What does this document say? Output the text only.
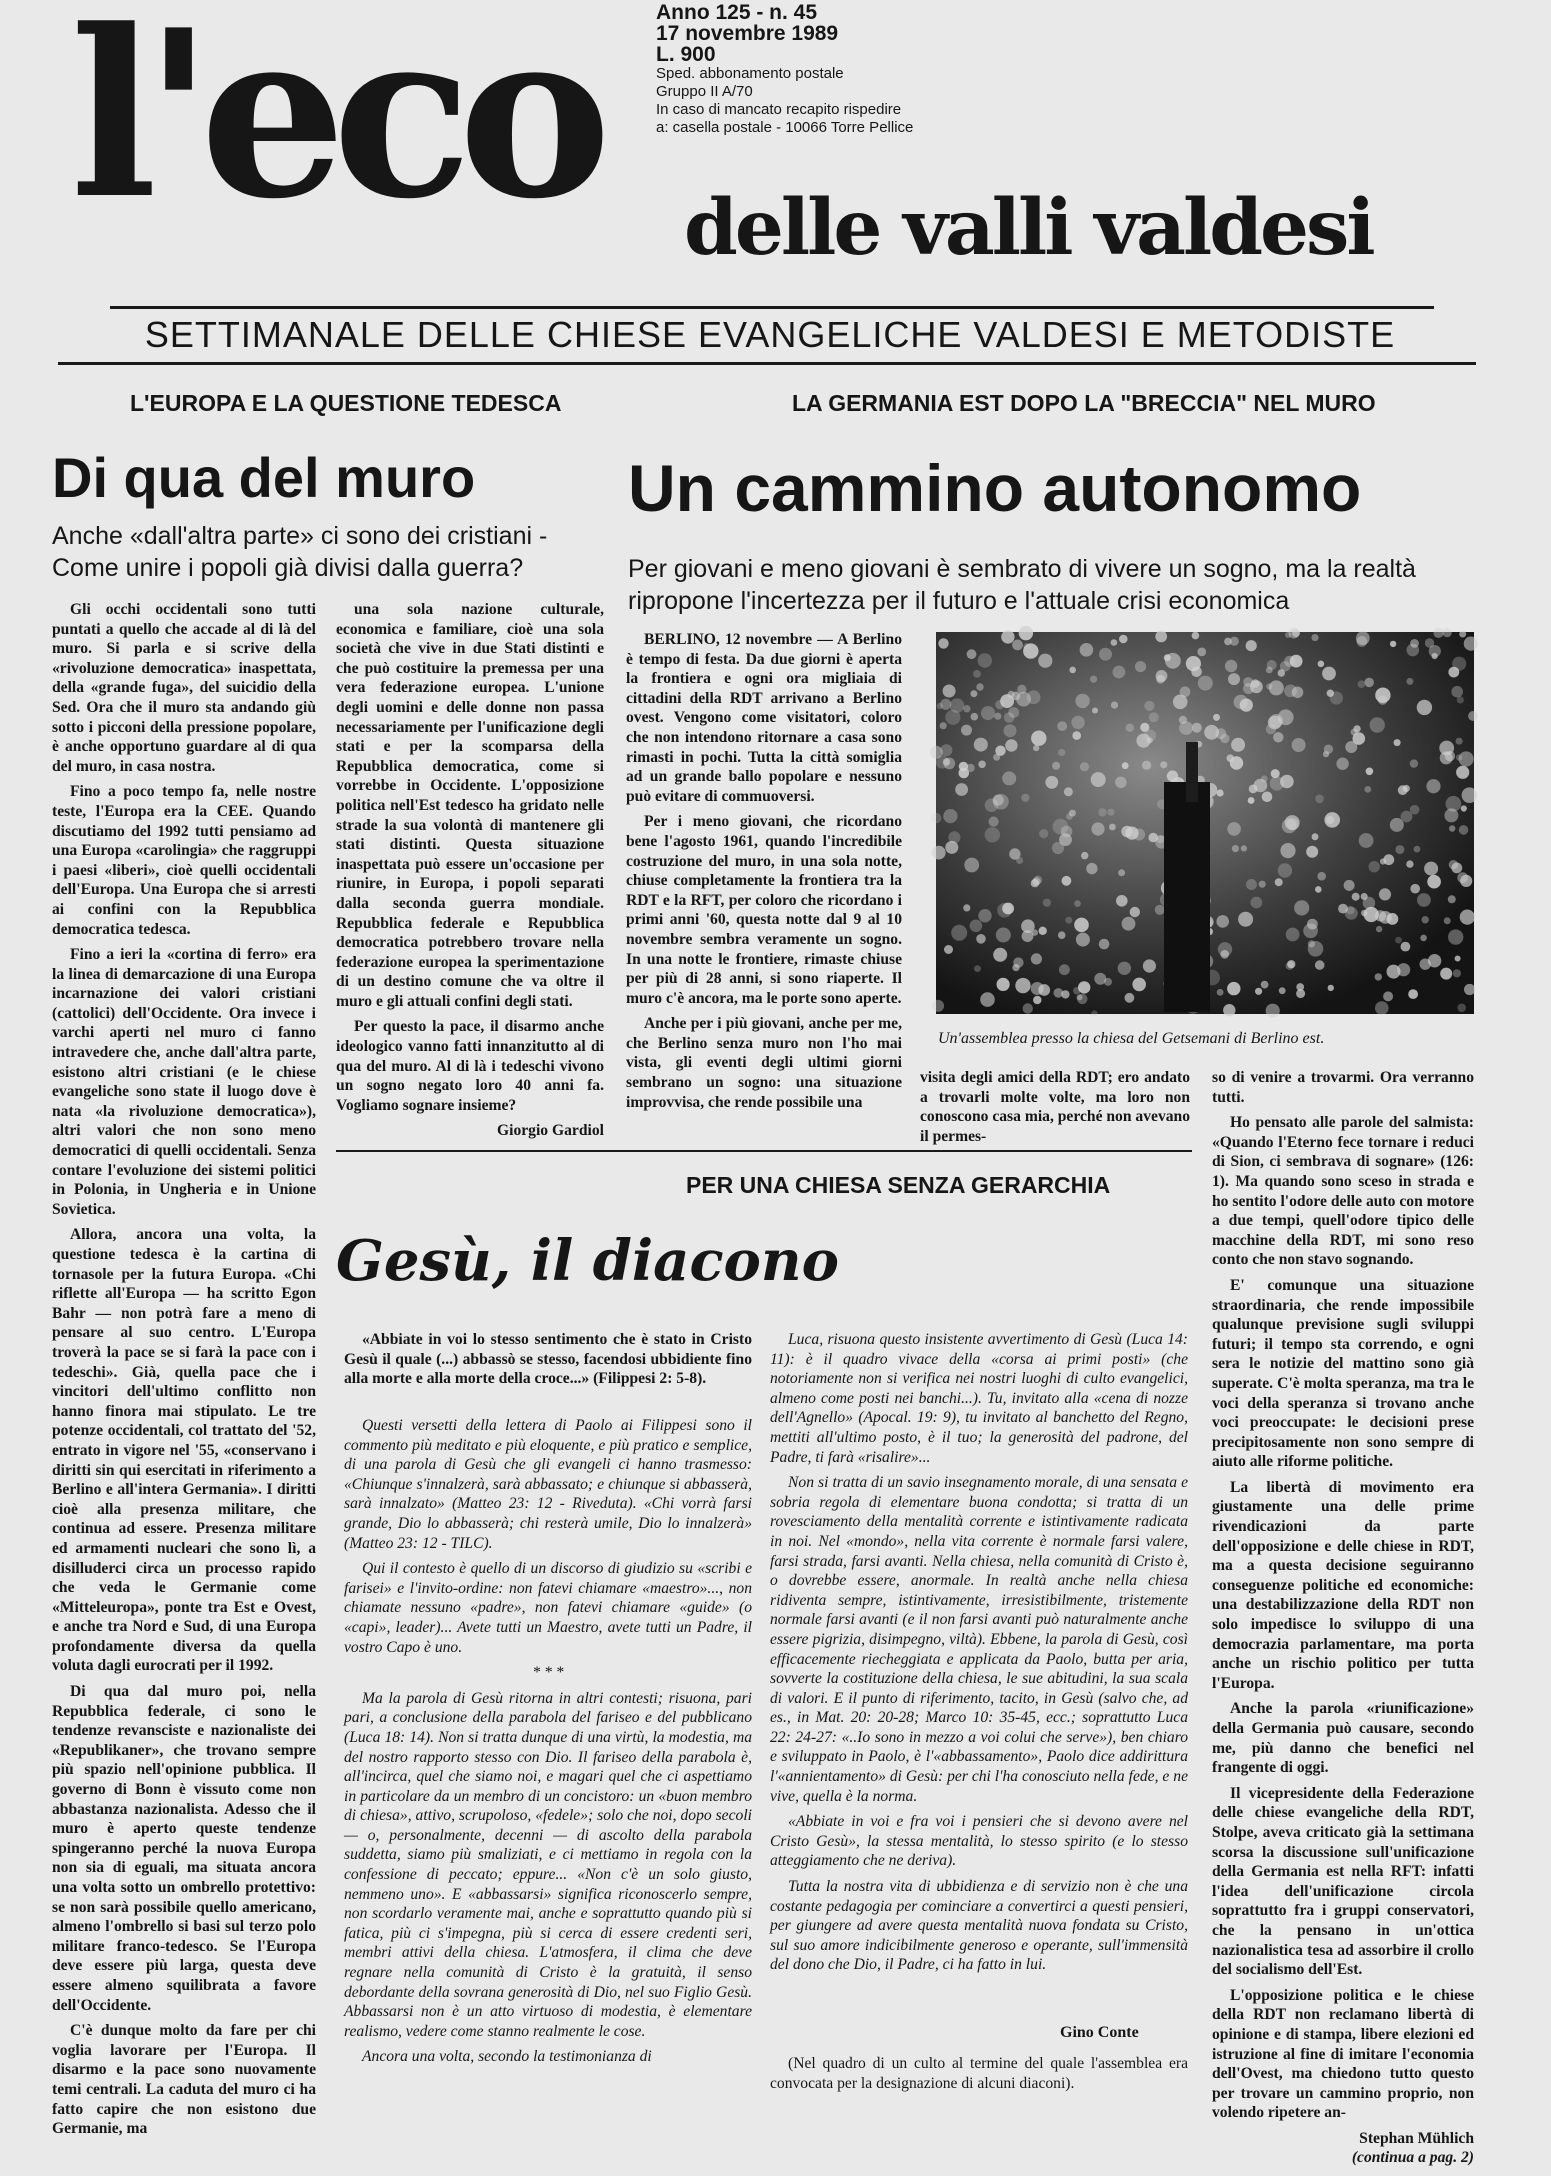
l'eco	Anno 125 - n. 45
17 novembre 1989
L. 900
Sped. abbonamento postale
Gruppo II A/70
In caso di mancato recapito rispedire
a: casella postale - 10066 Torre Pellice
delle valli valdesi
SETTIMANALE DELLE CHIESE EVANGELICHE VALDESI E METODISTE
L'EUROPA E LA QUESTIONE TEDESCA
Di qua del muro
Anche «dall'altra parte» ci sono dei cristiani - Come unire i popoli già divisi dalla guerra?
LA GERMANIA EST DOPO LA "BRECCIA" NEL MURO
Un cammino autonomo
Per giovani e meno giovani è sembrato di vivere un sogno, ma la realtà ripropone l'incertezza per il futuro e l'attuale crisi economica

Gli occhi occidentali sono tutti puntati a quello che accade al di là del muro. Si parla e si scrive della «rivoluzione democratica» inaspettata, della «grande fuga», del suicidio della Sed. Ora che il muro sta andando giù sotto i picconi della pressione popolare, è anche opportuno guardare al di qua del muro, in casa nostra.

Fino a poco tempo fa, nelle nostre teste, l'Europa era la CEE. Quando discutiamo del 1992 tutti pensiamo ad una Europa «carolingia» che raggruppi i paesi «liberi», cioè quelli occidentali dell'Europa. Una Europa che si arresti ai confini con la Repubblica democratica tedesca.

Fino a ieri la «cortina di ferro» era la linea di demarcazione di una Europa incarnazione dei valori cristiani (cattolici) dell'Occidente. Ora invece i varchi aperti nel muro ci fanno intravedere che, anche dall'altra parte, esistono altri cristiani (e le chiese evangeliche sono state il luogo dove è nata «la rivoluzione democratica»), altri valori che non sono meno democratici di quelli occidentali. Senza contare l'evoluzione dei sistemi politici in Polonia, in Ungheria e in Unione Sovietica.

Allora, ancora una volta, la questione tedesca è la cartina di tornasole per la futura Europa. «Chi riflette all'Europa — ha scritto Egon Bahr — non potrà fare a meno di pensare al suo centro. L'Europa troverà la pace se si farà la pace con i tedeschi». Già, quella pace che i vincitori dell'ultimo conflitto non hanno finora mai stipulato. Le tre potenze occidentali, col trattato del '52, entrato in vigore nel '55, «conservano i diritti sin qui esercitati in riferimento a Berlino e all'intera Germania». I diritti cioè alla presenza militare, che continua ad essere. Presenza militare ed armamenti nucleari che sono lì, a disilluderci circa un processo rapido che veda le Germanie come «Mitteleuropa», ponte tra Est e Ovest, e anche tra Nord e Sud, di una Europa profondamente diversa da quella voluta dagli eurocrati per il 1992.

Di qua dal muro poi, nella Repubblica federale, ci sono le tendenze revansciste e nazionaliste dei «Republikaner», che trovano sempre più spazio nell'opinione pubblica. Il governo di Bonn è vissuto come non abbastanza nazionalista. Adesso che il muro è aperto queste tendenze spingeranno perché la nuova Europa non sia di eguali, ma situata ancora una volta sotto un ombrello protettivo: se non sarà possibile quello americano, almeno l'ombrello si basi sul terzo polo militare franco-tedesco. Se l'Europa deve essere più larga, questa deve essere almeno squilibrata a favore dell'Occidente.

C'è dunque molto da fare per chi voglia lavorare per l'Europa. Il disarmo e la pace sono nuovamente temi centrali. La caduta del muro ci ha fatto capire che non esistono due Germanie, ma

una sola nazione culturale, economica e familiare, cioè una sola società che vive in due Stati distinti e che può costituire la premessa per una vera federazione europea. L'unione degli uomini e delle donne non passa necessariamente per l'unificazione degli stati e per la scomparsa della Repubblica democratica, come si vorrebbe in Occidente. L'opposizione politica nell'Est tedesco ha gridato nelle strade la sua volontà di mantenere gli stati distinti. Questa situazione inaspettata può essere un'occasione per riunire, in Europa, i popoli separati dalla seconda guerra mondiale. Repubblica federale e Repubblica democratica potrebbero trovare nella federazione europea la sperimentazione di un destino comune che va oltre il muro e gli attuali confini degli stati.

Per questo la pace, il disarmo anche ideologico vanno fatti innanzitutto al di qua del muro. Al di là i tedeschi vivono un sogno negato loro 40 anni fa. Vogliamo sognare insieme?

Giorgio Gardiol
Un'assemblea presso la chiesa del Getsemani di Berlino est.

BERLINO, 12 novembre — A Berlino è tempo di festa. Da due giorni è aperta la frontiera e ogni ora migliaia di cittadini della RDT arrivano a Berlino ovest. Vengono come visitatori, coloro che non intendono ritornare a casa sono rimasti in pochi. Tutta la città somiglia ad un grande ballo popolare e nessuno può evitare di commuoversi.

Per i meno giovani, che ricordano bene l'agosto 1961, quando l'incredibile costruzione del muro, in una sola notte, chiuse completamente la frontiera tra la RDT e la RFT, per coloro che ricordano i primi anni '60, questa notte dal 9 al 10 novembre sembra veramente un sogno. In una notte le frontiere, rimaste chiuse per più di 28 anni, si sono riaperte. Il muro c'è ancora, ma le porte sono aperte.

Anche per i più giovani, anche per me, che Berlino senza muro non l'ho mai vista, gli eventi degli ultimi giorni sembrano un sogno: una situazione improvvisa, che rende possibile una

visita degli amici della RDT; ero andato a trovarli molte volte, ma loro non conoscono casa mia, perché non avevano il permes-

so di venire a trovarmi. Ora verranno tutti.

Ho pensato alle parole del salmista: «Quando l'Eterno fece tornare i reduci di Sion, ci sembrava di sognare» (126: 1). Ma quando sono sceso in strada e ho sentito l'odore delle auto con motore a due tempi, quell'odore tipico delle macchine della RDT, mi sono reso conto che non stavo sognando.

E' comunque una situazione straordinaria, che rende impossibile qualunque previsione sugli sviluppi futuri; il tempo sta correndo, e ogni sera le notizie del mattino sono già superate. C'è molta speranza, ma tra le voci della speranza si trovano anche voci preoccupate: le decisioni prese precipitosamente non sono sempre di aiuto alle riforme politiche.

La libertà di movimento era giustamente una delle prime rivendicazioni da parte dell'opposizione e delle chiese in RDT, ma a questa decisione seguiranno conseguenze politiche ed economiche: una destabilizzazione della RDT non solo impedisce lo sviluppo di una democrazia parlamentare, ma porta anche un rischio politico per tutta l'Europa.

Anche la parola «riunificazione» della Germania può causare, secondo me, più danno che benefici nel frangente di oggi.

Il vicepresidente della Federazione delle chiese evangeliche della RDT, Stolpe, aveva criticato già la settimana scorsa la discussione sull'unificazione della Germania est nella RFT: infatti l'idea dell'unificazione circola soprattutto fra i gruppi conservatori, che la pensano in un'ottica nazionalistica tesa ad assorbire il crollo del socialismo dell'Est.

L'opposizione politica e le chiese della RDT non reclamano libertà di opinione e di stampa, libere elezioni ed istruzione al fine di imitare l'economia dell'Ovest, ma chiedono tutto questo per trovare un cammino proprio, non volendo ripetere an-

Stephan Mühlich
(continua a pag. 2)
PER UNA CHIESA SENZA GERARCHIA
Gesù, il diacono

«Abbiate in voi lo stesso sentimento che è stato in Cristo Gesù il quale (...) abbassò se stesso, facendosi ubbidiente fino alla morte e alla morte della croce...» (Filippesi 2: 5-8).

Questi versetti della lettera di Paolo ai Filippesi sono il commento più meditato e più eloquente, e più pratico e semplice, di una parola di Gesù che gli evangeli ci hanno trasmesso: «Chiunque s'innalzerà, sarà abbassato; e chiunque si abbasserà, sarà innalzato» (Matteo 23: 12 - Riveduta). «Chi vorrà farsi grande, Dio lo abbasserà; chi resterà umile, Dio lo innalzerà» (Matteo 23: 12 - TILC).

Qui il contesto è quello di un discorso di giudizio su «scribi e farisei» e l'invito-ordine: non fatevi chiamare «maestro»..., non chiamate nessuno «padre», non fatevi chiamare «guide» (o «capi», leader)... Avete tutti un Maestro, avete tutti un Padre, il vostro Capo è uno.

* * *

Ma la parola di Gesù ritorna in altri contesti; risuona, pari pari, a conclusione della parabola del fariseo e del pubblicano (Luca 18: 14). Non si tratta dunque di una virtù, la modestia, ma del nostro rapporto stesso con Dio. Il fariseo della parabola è, all'incirca, quel che siamo noi, e magari quel che ci aspettiamo in particolare da un membro di un concistoro: un «buon membro di chiesa», attivo, scrupoloso, «fedele»; solo che noi, dopo secoli — o, personalmente, decenni — di ascolto della parabola suddetta, siamo più smaliziati, e ci mettiamo in regola con la confessione di peccato; eppure... «Non c'è un solo giusto, nemmeno uno». E «abbassarsi» significa riconoscerlo sempre, non scordarlo veramente mai, anche e soprattutto quando più si fatica, più ci s'impegna, più si cerca di essere credenti seri, membri attivi della chiesa. L'atmosfera, il clima che deve regnare nella comunità di Cristo è la gratuità, il senso debordante della sovrana generosità di Dio, nel suo Figlio Gesù. Abbassarsi non è un atto virtuoso di modestia, è elementare realismo, vedere come stanno realmente le cose.

Ancora una volta, secondo la testimonianza di

Luca, risuona questo insistente avvertimento di Gesù (Luca 14: 11): è il quadro vivace della «corsa ai primi posti» (che notoriamente non si verifica nei nostri luoghi di culto evangelici, almeno come posti nei banchi...). Tu, invitato alla «cena di nozze dell'Agnello» (Apocal. 19: 9), tu invitato al banchetto del Regno, mettiti all'ultimo posto, è il tuo; la generosità del padrone, del Padre, ti farà «risalire»...

Non si tratta di un savio insegnamento morale, di una sensata e sobria regola di elementare buona condotta; si tratta di un rovesciamento della mentalità corrente e istintivamente radicata in noi. Nel «mondo», nella vita corrente è normale farsi valere, farsi strada, farsi avanti. Nella chiesa, nella comunità di Cristo è, o dovrebbe essere, anormale. In realtà anche nella chiesa ridiventa sempre, istintivamente, irresistibilmente, tristemente normale farsi avanti (e il non farsi avanti può naturalmente anche essere pigrizia, disimpegno, viltà). Ebbene, la parola di Gesù, così efficacemente riecheggiata e applicata da Paolo, butta per aria, sovverte la costituzione della chiesa, le sue abitudini, la sua scala di valori. E il punto di riferimento, tacito, in Gesù (salvo che, ad es., in Mat. 20: 20-28; Marco 10: 35-45, ecc.; soprattutto Luca 22: 24-27: «..Io sono in mezzo a voi colui che serve»), ben chiaro e sviluppato in Paolo, è l'«abbassamento», Paolo dice addirittura l'«annientamento» di Gesù: per chi l'ha conosciuto nella fede, e ne vive, quella è la norma.

«Abbiate in voi e fra voi i pensieri che si devono avere nel Cristo Gesù», la stessa mentalità, lo stesso spirito (e lo stesso atteggiamento che ne deriva).

Tutta la nostra vita di ubbidienza e di servizio non è che una costante pedagogia per cominciare a convertirci a questi pensieri, per giungere ad avere questa mentalità nuova fondata su Cristo, sul suo amore indicibilmente generoso e operante, sull'immensità del dono che Dio, il Padre, ci ha fatto in lui.

Gino Conte

(Nel quadro di un culto al termine del quale l'assemblea era convocata per la designazione di alcuni diaconi).
